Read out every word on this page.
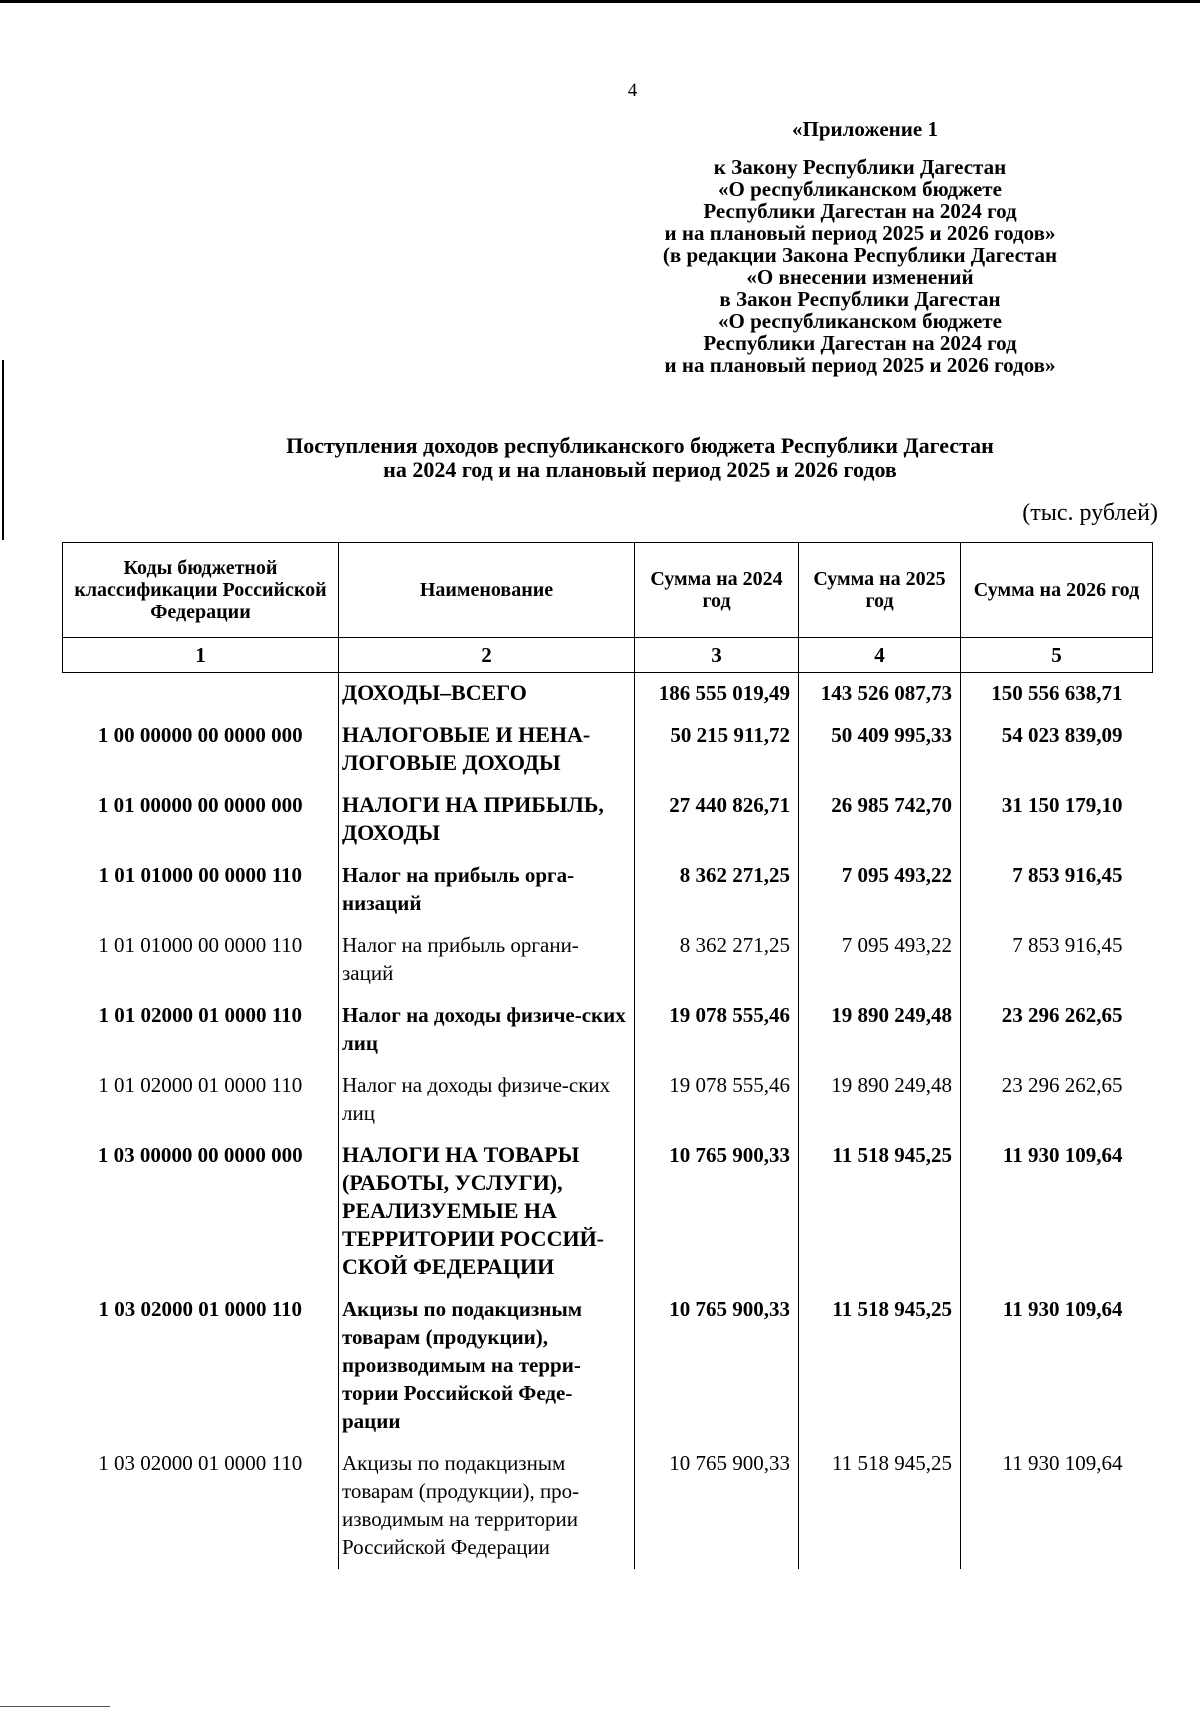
4
«Приложение 1
к Закону Республики Дагестан
«О республиканском бюджете
Республики Дагестан на 2024 год
и на плановый период 2025 и 2026 годов»
(в редакции Закона Республики Дагестан
«О внесении изменений
в Закон Республики Дагестан
«О республиканском бюджете
Республики Дагестан на 2024 год
и на плановый период 2025 и 2026 годов»
Поступления доходов республиканского бюджета Республики Дагестан
на 2024 год и на плановый период 2025 и 2026 годов
(тыс. рублей)
Коды бюджетной классификации Российской Федерации	Наименование	Сумма на 2024 год	Сумма на 2025 год	Сумма на 2026 год
1	2	3	4	5
	ДОХОДЫ–ВСЕГО	186 555 019,49	143 526 087,73	150 556 638,71
1 00 00000 00 0000 000	НАЛОГОВЫЕ И НЕНА-ЛОГОВЫЕ ДОХОДЫ	50 215 911,72	50 409 995,33	54 023 839,09
1 01 00000 00 0000 000	НАЛОГИ НА ПРИБЫЛЬ, ДОХОДЫ	27 440 826,71	26 985 742,70	31 150 179,10
1 01 01000 00 0000 110	Налог на прибыль орга-низаций	8 362 271,25	7 095 493,22	7 853 916,45
1 01 01000 00 0000 110	Налог на прибыль органи-заций	8 362 271,25	7 095 493,22	7 853 916,45
1 01 02000 01 0000 110	Налог на доходы физиче-ских лиц	19 078 555,46	19 890 249,48	23 296 262,65
1 01 02000 01 0000 110	Налог на доходы физиче-ских лиц	19 078 555,46	19 890 249,48	23 296 262,65
1 03 00000 00 0000 000	НАЛОГИ НА ТОВАРЫ (РАБОТЫ, УСЛУГИ), РЕАЛИЗУЕМЫЕ НА ТЕРРИТОРИИ РОССИЙ-СКОЙ ФЕДЕРАЦИИ	10 765 900,33	11 518 945,25	11 930 109,64
1 03 02000 01 0000 110	Акцизы по подакцизным товарам (продукции), производимым на терри-тории Российской Феде-рации	10 765 900,33	11 518 945,25	11 930 109,64
1 03 02000 01 0000 110	Акцизы по подакцизным товарам (продукции), про-изводимым на территории Российской Федерации	10 765 900,33	11 518 945,25	11 930 109,64
